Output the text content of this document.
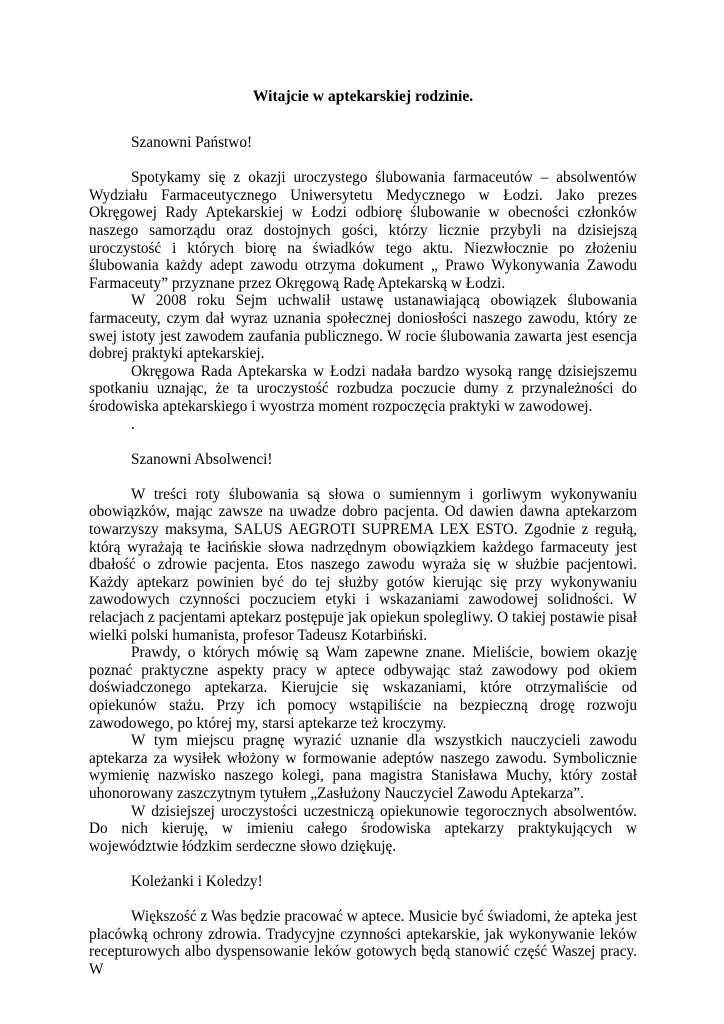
Witajcie w aptekarskiej rodzinie.

Szanowni Państwo!

Spotykamy się z okazji uroczystego ślubowania farmaceutów – absolwentów Wydziału Farmaceutycznego Uniwersytetu Medycznego w Łodzi. Jako prezes Okręgowej Rady Aptekarskiej w Łodzi odbiorę ślubowanie w obecności członków naszego samorządu oraz dostojnych gości, którzy licznie przybyli na dzisiejszą uroczystość i których biorę na świadków tego aktu. Niezwłocznie po złożeniu ślubowania każdy adept zawodu otrzyma dokument „ Prawo Wykonywania Zawodu Farmaceuty” przyznane przez Okręgową Radę Aptekarską w Łodzi.

W 2008 roku Sejm uchwalił ustawę ustanawiającą obowiązek ślubowania farmaceuty, czym dał wyraz uznania społecznej doniosłości naszego zawodu, który ze swej istoty jest zawodem zaufania publicznego. W rocie ślubowania zawarta jest esencja dobrej praktyki aptekarskiej.

Okręgowa Rada Aptekarska w Łodzi nadała bardzo wysoką rangę dzisiejszemu spotkaniu uznając, że ta uroczystość rozbudza poczucie dumy z przynależności do środowiska aptekarskiego i wyostrza moment rozpoczęcia praktyki w zawodowej.

.

Szanowni Absolwenci!

W treści roty ślubowania są słowa o sumiennym i gorliwym wykonywaniu obowiązków, mając zawsze na uwadze dobro pacjenta. Od dawien dawna aptekarzom towarzyszy maksyma, SALUS AEGROTI SUPREMA LEX ESTO. Zgodnie z regułą, którą wyrażają te łacińskie słowa nadrzędnym obowiązkiem każdego farmaceuty jest dbałość o zdrowie pacjenta. Etos naszego zawodu wyraża się w służbie pacjentowi. Każdy aptekarz powinien być do tej służby gotów kierując się przy wykonywaniu zawodowych czynności poczuciem etyki i wskazaniami zawodowej solidności. W relacjach z pacjentami aptekarz postępuje jak opiekun spolegliwy. O takiej postawie pisał wielki polski humanista, profesor Tadeusz Kotarbiński.

Prawdy, o których mówię są Wam zapewne znane. Mieliście, bowiem okazję poznać praktyczne aspekty pracy w aptece odbywając staż zawodowy pod okiem doświadczonego aptekarza. Kierujcie się wskazaniami, które otrzymaliście od opiekunów stażu. Przy ich pomocy wstąpiliście na bezpieczną drogę rozwoju zawodowego, po której my, starsi aptekarze też kroczymy.

W tym miejscu pragnę wyrazić uznanie dla wszystkich nauczycieli zawodu aptekarza za wysiłek włożony w formowanie adeptów naszego zawodu. Symbolicznie wymienię nazwisko naszego kolegi, pana magistra Stanisława Muchy, który został uhonorowany zaszczytnym tytułem „Zasłużony Nauczyciel Zawodu Aptekarza”.

W dzisiejszej uroczystości uczestniczą opiekunowie tegorocznych absolwentów. Do nich kieruję, w imieniu całego środowiska aptekarzy praktykujących w województwie łódzkim serdeczne słowo dziękuję.

Koleżanki i Koledzy!

Większość z Was będzie pracować w aptece. Musicie być świadomi, że apteka jest placówką ochrony zdrowia. Tradycyjne czynności aptekarskie, jak wykonywanie leków recepturowych albo dyspensowanie leków gotowych będą stanowić część Waszej pracy. W
